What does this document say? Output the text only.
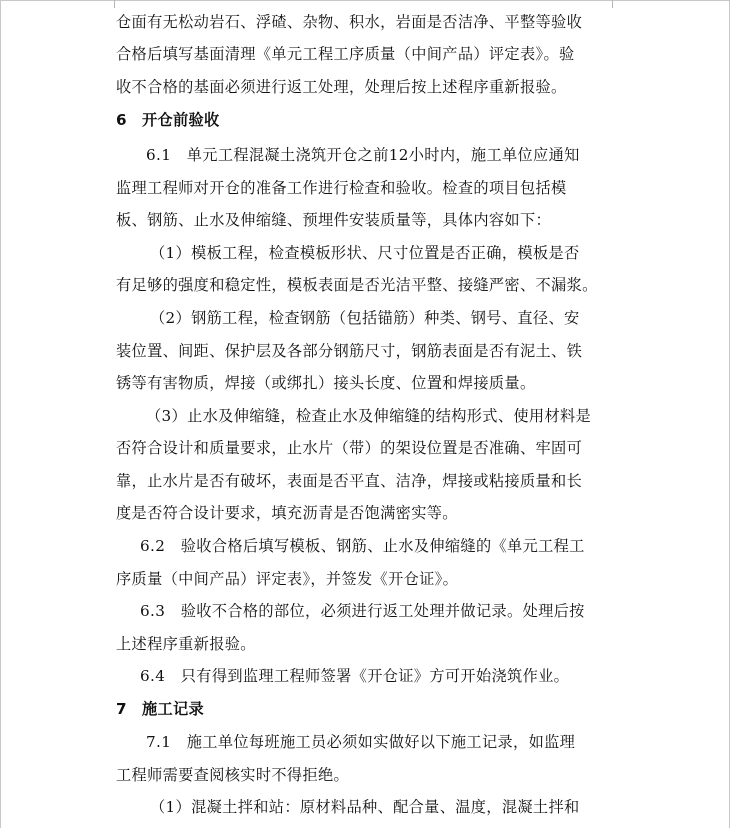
仓面有无松动岩石、浮碴、杂物、积水，岩面是否洁净、平整等验收
合格后填写基面清理《单元工程工序质量（中间产品）评定表》。验
收不合格的基面必须进行返工处理，处理后按上述程序重新报验。
6 开仓前验收
6.1　单元工程混凝土浇筑开仓之前12小时内，施工单位应通知
监理工程师对开仓的准备工作进行检查和验收。检查的项目包括模
板、钢筋、止水及伸缩缝、预埋件安装质量等，具体内容如下：
（1）模板工程，检查模板形状、尺寸位置是否正确，模板是否
有足够的强度和稳定性，模板表面是否光洁平整、接缝严密、不漏浆。
（2）钢筋工程，检查钢筋（包括锚筋）种类、钢号、直径、安
装位置、间距、保护层及各部分钢筋尺寸，钢筋表面是否有泥土、铁
锈等有害物质，焊接（或绑扎）接头长度、位置和焊接质量。
（3）止水及伸缩缝，检查止水及伸缩缝的结构形式、使用材料是
否符合设计和质量要求，止水片（带）的架设位置是否准确、牢固可
靠，止水片是否有破坏，表面是否平直、洁净，焊接或粘接质量和长
度是否符合设计要求，填充沥青是否饱满密实等。
6.2　验收合格后填写模板、钢筋、止水及伸缩缝的《单元工程工
序质量（中间产品）评定表》，并签发《开仓证》。
6.3　验收不合格的部位，必须进行返工处理并做记录。处理后按
上述程序重新报验。
6.4　只有得到监理工程师签署《开仓证》方可开始浇筑作业。
7 施工记录
7.1　施工单位每班施工员必须如实做好以下施工记录，如监理
工程师需要查阅核实时不得拒绝。
（1）混凝土拌和站：原材料品种、配合量、温度，混凝土拌和
